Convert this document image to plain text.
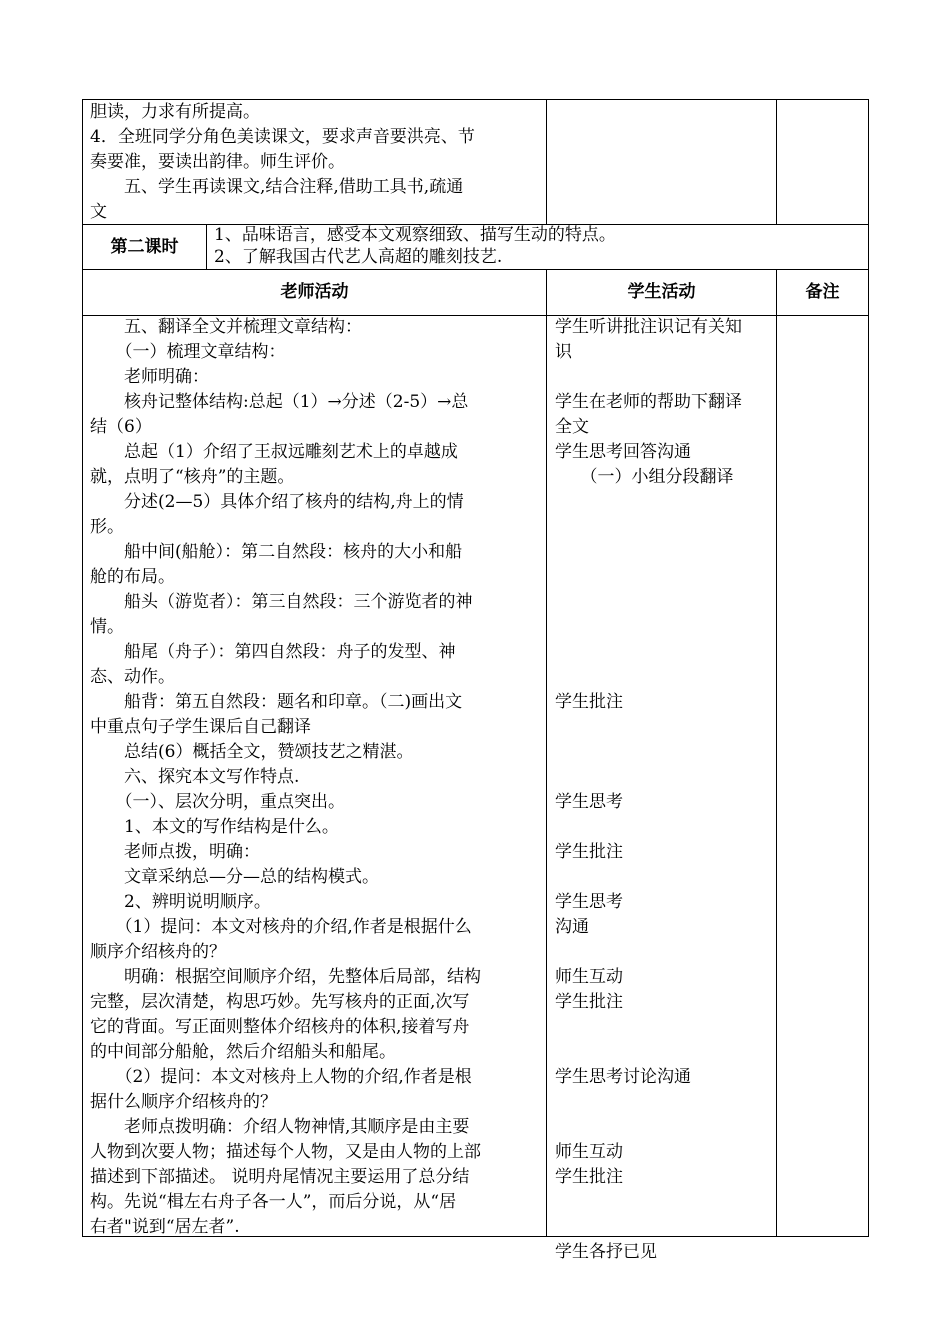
胆读，力求有所提高。
4．全班同学分角色美读课文，要求声音要洪亮、节
奏要准，要读出韵律。师生评价。
　　五、学生再读课文,结合注释,借助工具书,疏通
文
第二课时
1、品味语言，感受本文观察细致、描写生动的特点。
2、了解我国古代艺人高超的雕刻技艺.
老师活动	学生活动	备注
　　五、翻译全文并梳理文章结构：
　　（一）梳理文章结构：
　　老师明确：
　　核舟记整体结构:总起（1）→分述（2-5）→总
结（6）
　　总起（1）介绍了王叔远雕刻艺术上的卓越成
就，点明了“核舟”的主题。
　　分述(2—5）具体介绍了核舟的结构,舟上的情
形。
　　船中间(船舱）：第二自然段：核舟的大小和船
舱的布局。
　　船头（游览者）：第三自然段：三个游览者的神
情。
　　船尾（舟子）：第四自然段：舟子的发型、神
态、动作。
　　船背：第五自然段：题名和印章。（二)画出文
中重点句子学生课后自己翻译
　　总结(6）概括全文，赞颂技艺之精湛。
　　六、探究本文写作特点.
　　（一）、层次分明，重点突出。
　　1、本文的写作结构是什么。
　　老师点拨，明确：
　　文章采纳总—分—总的结构模式。
　　2、辨明说明顺序。
　　（1）提问：本文对核舟的介绍,作者是根据什么
顺序介绍核舟的？
　　明确：根据空间顺序介绍，先整体后局部，结构
完整，层次清楚，构思巧妙。先写核舟的正面,次写
它的背面。写正面则整体介绍核舟的体积,接着写舟
的中间部分船舱，然后介绍船头和船尾。
　　（2）提问：本文对核舟上人物的介绍,作者是根
据什么顺序介绍核舟的？
　　老师点拨明确：介绍人物神情,其顺序是由主要
人物到次要人物；描述每个人物，又是由人物的上部
描述到下部描述。 说明舟尾情况主要运用了总分结
构。先说“楫左右舟子各一人”，而后分说，从“居
右者"说到“居左者”.
学生听讲批注识记有关知
识
学生在老师的帮助下翻译
全文
学生思考回答沟通
　　（一）小组分段翻译
学生批注
学生思考
学生批注
学生思考
沟通
师生互动
学生批注
学生思考讨论沟通
师生互动
学生批注
学生各抒已见
